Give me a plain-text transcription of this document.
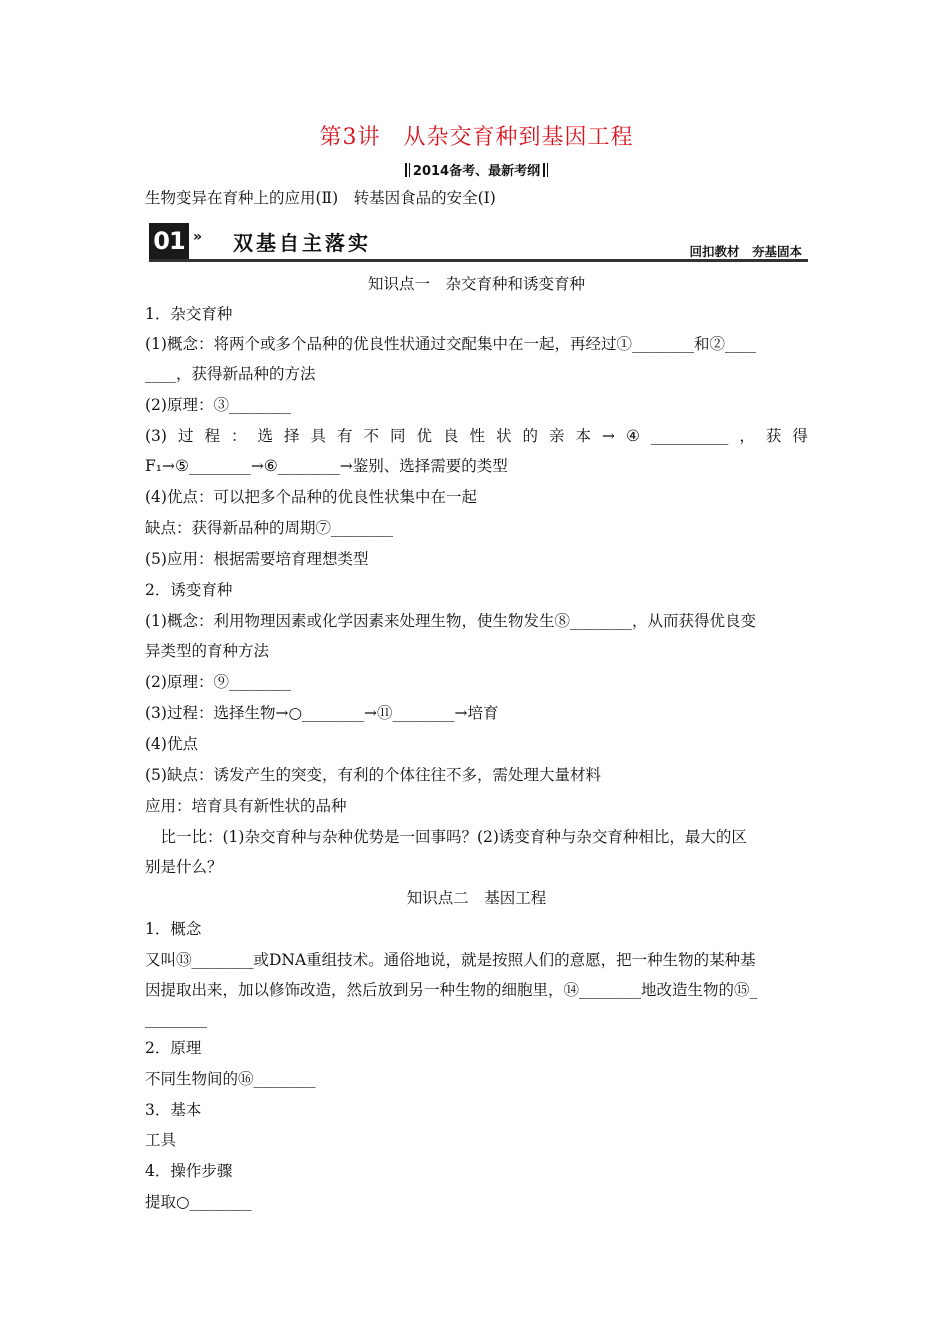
第3讲　从杂交育种到基因工程
2014备考、最新考纲
生物变异在育种上的应用(Ⅱ)　转基因食品的安全(Ⅰ)
01 » 双基自主落实	回扣教材　夯基固本
知识点一　杂交育种和诱变育种
1．杂交育种
(1)概念：将两个或多个品种的优良性状通过交配集中在一起，再经过①________和②____
____，获得新品种的方法
(2)原理：③________
(3) 过 程 ： 选 择 具 有 不 同 优 良 性 状 的 亲 本 → ④ __________ ， 获 得
F₁→⑤________→⑥________→鉴别、选择需要的类型
(4)优点：可以把多个品种的优良性状集中在一起
缺点：获得新品种的周期⑦________
(5)应用：根据需要培育理想类型
2．诱变育种
(1)概念：利用物理因素或化学因素来处理生物，使生物发生⑧________，从而获得优良变
异类型的育种方法
(2)原理：⑨________
(3)过程：选择生物→○________→⑪________→培育
(4)优点
(5)缺点：诱发产生的突变，有利的个体往往不多，需处理大量材料
应用：培育具有新性状的品种
　比一比：(1)杂交育种与杂种优势是一回事吗？(2)诱变育种与杂交育种相比，最大的区
别是什么？
知识点二　基因工程
1．概念
又叫⑬________或DNA重组技术。通俗地说，就是按照人们的意愿，把一种生物的某种基
因提取出来，加以修饰改造，然后放到另一种生物的细胞里，⑭________地改造生物的⑮_
________
2．原理
不同生物间的⑯________
3．基本
工具
4．操作步骤
提取○________
